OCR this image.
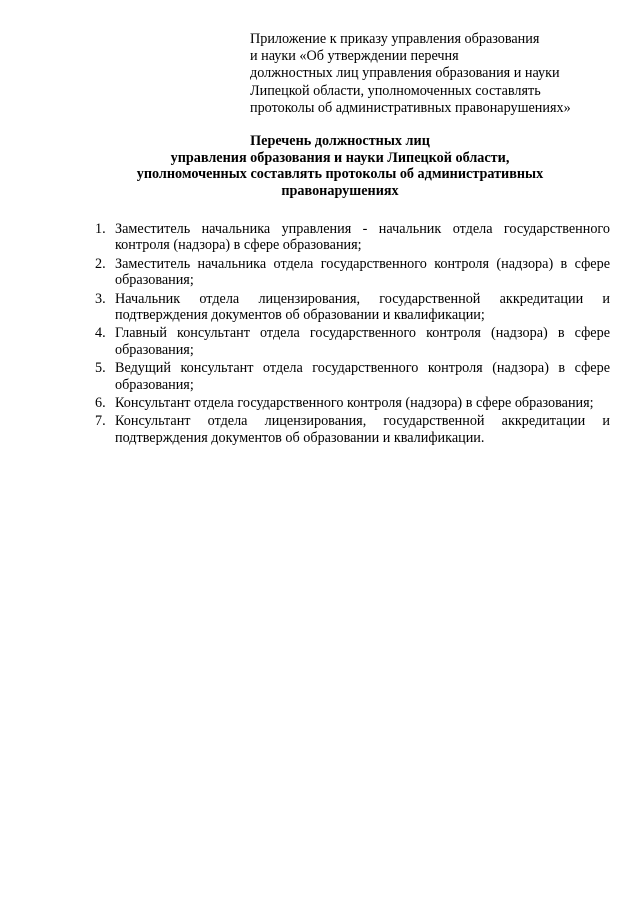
Приложение к приказу управления образования
и науки «Об утверждении перечня
должностных лиц управления образования и науки
Липецкой области, уполномоченных составлять
протоколы об административных правонарушениях»
Перечень должностных лиц
управления образования и науки Липецкой области,
уполномоченных составлять протоколы об административных
правонарушениях
1. Заместитель начальника управления - начальник отдела государственного контроля (надзора) в сфере образования;
2. Заместитель начальника отдела государственного контроля (надзора) в сфере образования;
3. Начальник отдела лицензирования, государственной аккредитации и подтверждения документов об образовании и квалификации;
4. Главный консультант отдела государственного контроля (надзора) в сфере образования;
5. Ведущий консультант отдела государственного контроля (надзора) в сфере образования;
6. Консультант отдела государственного контроля (надзора) в сфере образования;
7. Консультант отдела лицензирования, государственной аккредитации и подтверждения документов об образовании и квалификации.
